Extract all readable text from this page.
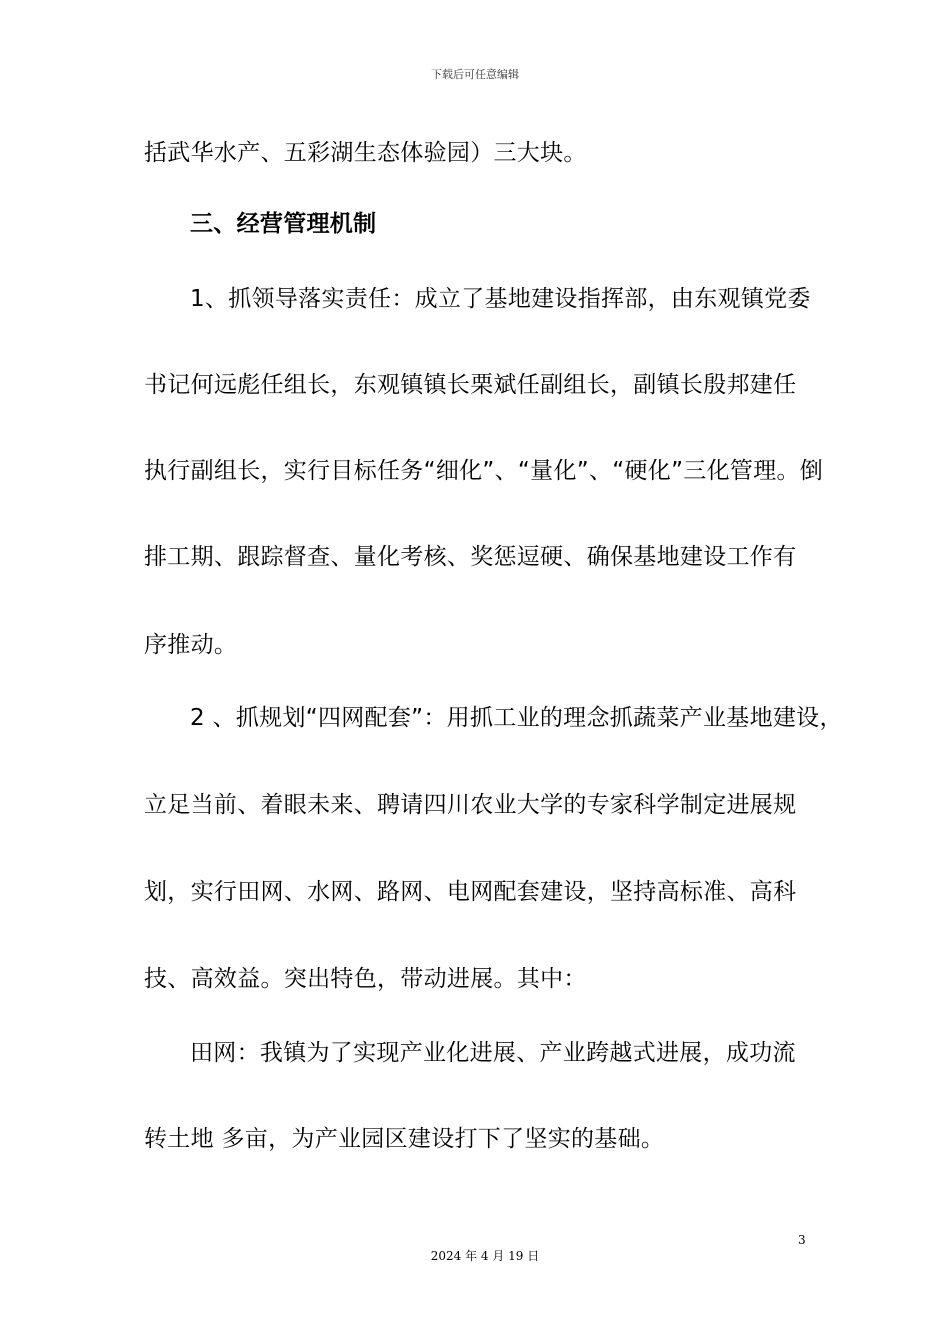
下载后可任意编辑
括武华水产、五彩湖生态体验园）三大块。
三、经营管理机制
1、抓领导落实责任：成立了基地建设指挥部，由东观镇党委
书记何远彪任组长，东观镇镇长栗斌任副组长，副镇长殷邦建任
执行副组长，实行目标任务“细化”、“量化”、“硬化”三化管理。倒
排工期、跟踪督查、量化考核、奖惩逗硬、确保基地建设工作有
序推动。
2 、抓规划“四网配套”：用抓工业的理念抓蔬菜产业基地建设，
立足当前、着眼未来、聘请四川农业大学的专家科学制定进展规
划，实行田网、水网、路网、电网配套建设，坚持高标准、高科
技、高效益。突出特色，带动进展。其中：
田网：我镇为了实现产业化进展、产业跨越式进展，成功流
转土地 多亩，为产业园区建设打下了坚实的基础。
3
2024 年 4 月 19 日
